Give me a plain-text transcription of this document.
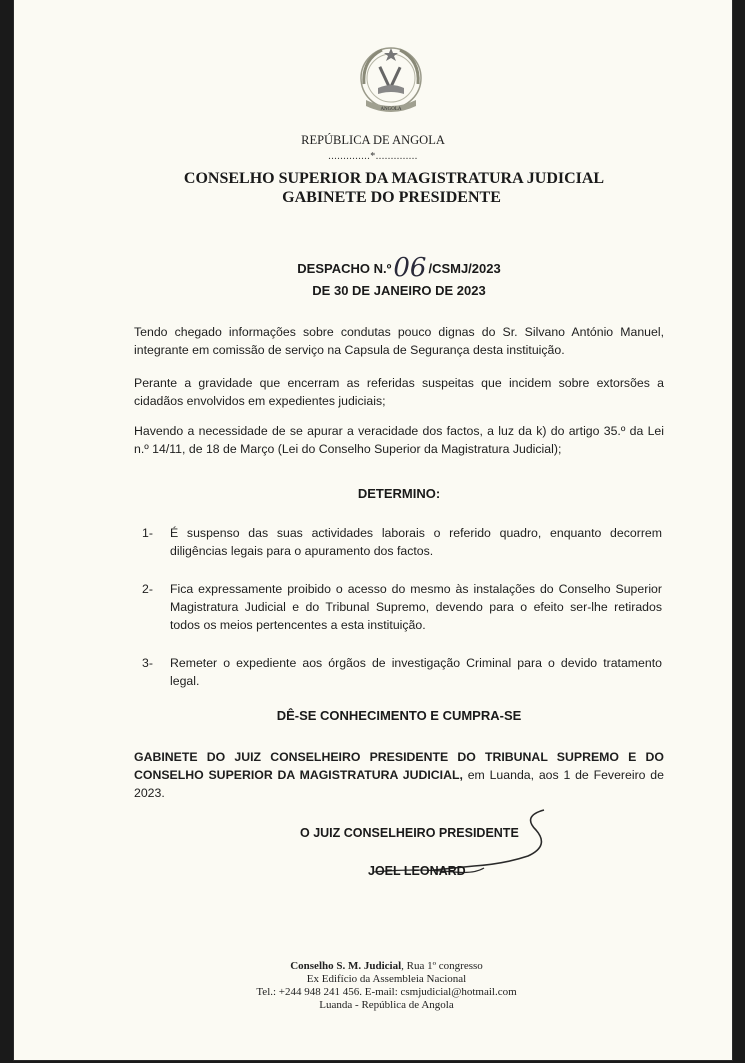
ANGOLA
REPÚBLICA DE ANGOLA
..............*..............
CONSELHO SUPERIOR DA MAGISTRATURA JUDICIAL
GABINETE DO PRESIDENTE
DESPACHO N.º06 /CSMJ/2023
DE 30 DE JANEIRO DE 2023
Tendo chegado informações sobre condutas pouco dignas do Sr. Silvano António Manuel, integrante em comissão de serviço na Capsula de Segurança desta instituição.
Perante a gravidade que encerram as referidas suspeitas que incidem sobre extorsões a cidadãos envolvidos em expedientes judiciais;
Havendo a necessidade de se apurar a veracidade dos factos, a luz da k) do artigo 35.º da Lei n.º 14/11, de 18 de Março (Lei do Conselho Superior da Magistratura Judicial);
DETERMINO:
1- É suspenso das suas actividades laborais o referido quadro, enquanto decorrem diligências legais para o apuramento dos factos.
2- Fica expressamente proibido o acesso do mesmo às instalações do Conselho Superior Magistratura Judicial e do Tribunal Supremo, devendo para o efeito ser-lhe retirados todos os meios pertencentes a esta instituição.
3- Remeter o expediente aos órgãos de investigação Criminal para o devido tratamento legal.
DÊ-SE CONHECIMENTO E CUMPRA-SE
GABINETE DO JUIZ CONSELHEIRO PRESIDENTE DO TRIBUNAL SUPREMO E DO CONSELHO SUPERIOR DA MAGISTRATURA JUDICIAL, em Luanda, aos 1 de Fevereiro de 2023.
O JUIZ CONSELHEIRO PRESIDENTE
JOEL LEONARD
Conselho S. M. Judicial, Rua 1º congresso
Ex Edifício da Assembleia Nacional
Tel.: +244 948 241 456. E-mail: csmjudicial@hotmail.com
Luanda - República de Angola
